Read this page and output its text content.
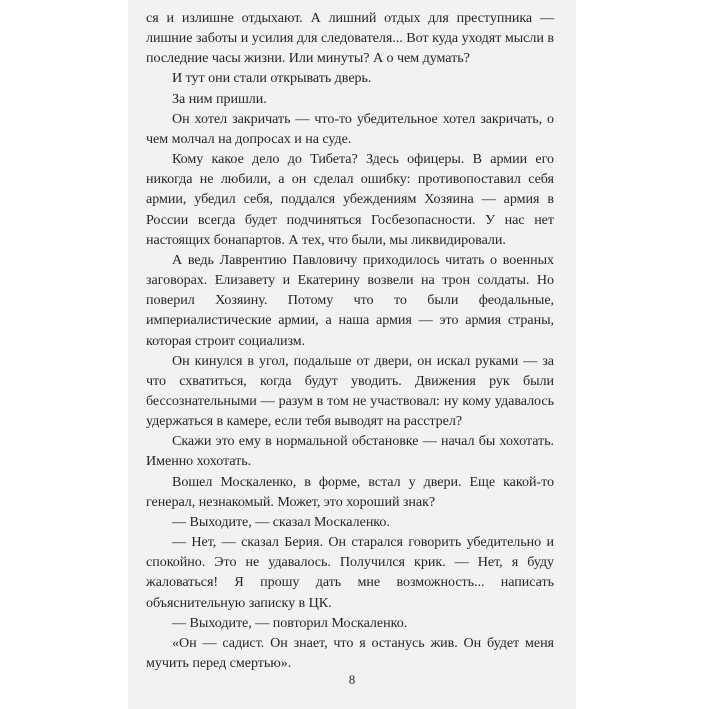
ся и излишне отдыхают. А лишний отдых для преступника — лишние заботы и усилия для следователя... Вот куда уходят мысли в последние часы жизни. Или минуты? А о чем думать?

И тут они стали открывать дверь.

За ним пришли.

Он хотел закричать — что-то убедительное хотел закричать, о чем молчал на допросах и на суде.

Кому какое дело до Тибета? Здесь офицеры. В армии его никогда не любили, а он сделал ошибку: противопоставил себя армии, убедил себя, поддался убеждениям Хозяина — армия в России всегда будет подчиняться Госбезопасности. У нас нет настоящих бонапартов. А тех, что были, мы ликвидировали.

А ведь Лаврентию Павловичу приходилось читать о военных заговорах. Елизавету и Екатерину возвели на трон солдаты. Но поверил Хозяину. Потому что то были феодальные, империалистические армии, а наша армия — это армия страны, которая строит социализм.

Он кинулся в угол, подальше от двери, он искал руками — за что схватиться, когда будут уводить. Движения рук были бессознательными — разум в том не участвовал: ну кому удавалось удержаться в камере, если тебя выводят на расстрел?

Скажи это ему в нормальной обстановке — начал бы хохотать. Именно хохотать.

Вошел Москаленко, в форме, встал у двери. Еще какой-то генерал, незнакомый. Может, это хороший знак?

— Выходите, — сказал Москаленко.

— Нет, — сказал Берия. Он старался говорить убедительно и спокойно. Это не удавалось. Получился крик. — Нет, я буду жаловаться! Я прошу дать мне возможность... написать объяснительную записку в ЦК.

— Выходите, — повторил Москаленко.

«Он — садист. Он знает, что я останусь жив. Он будет меня мучить перед смертью».

8
